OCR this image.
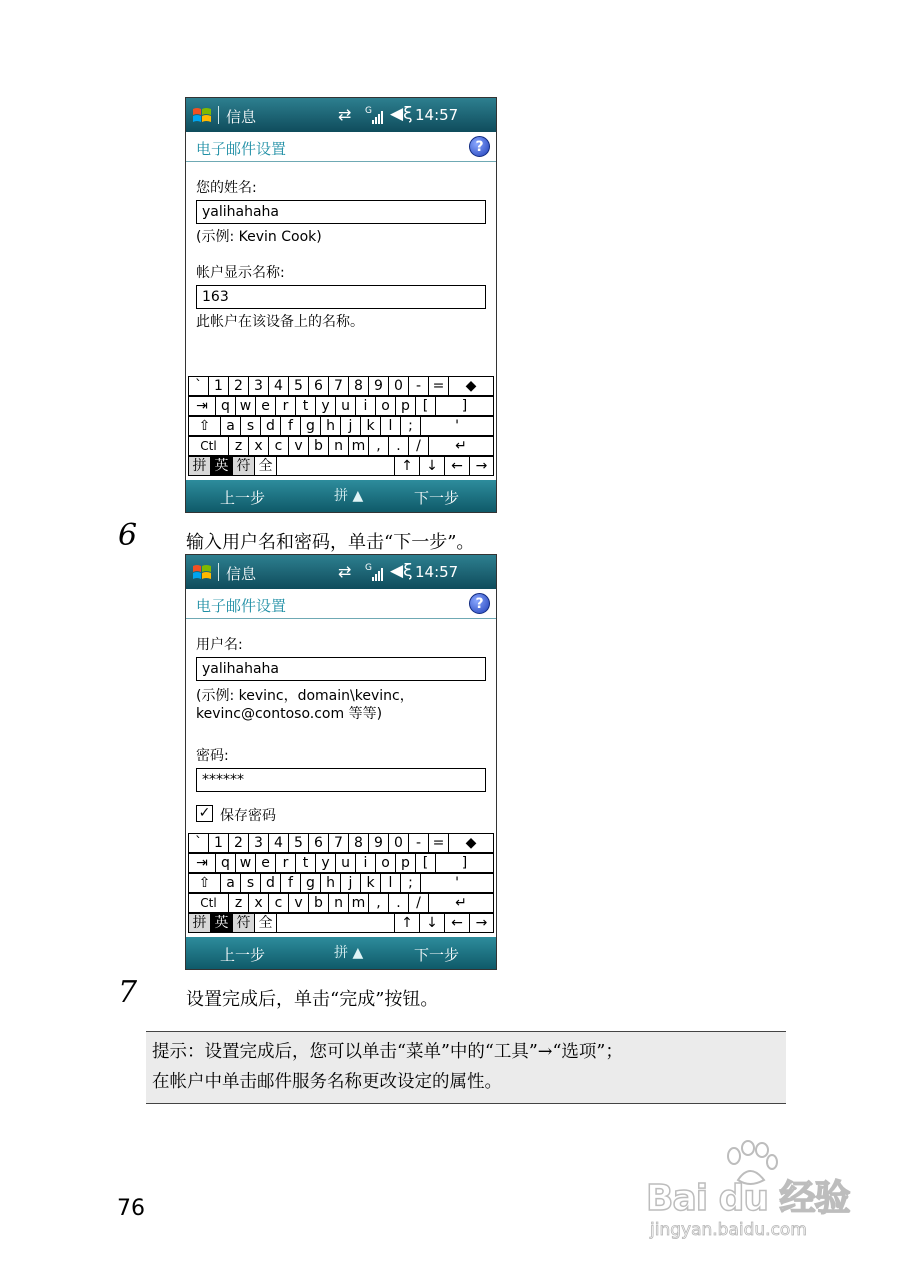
信息	⇄ G ◀ξ 14:57
电子邮件设置	?
您的姓名:
yalihahaha
(示例: Kevin Cook)
帐户显示名称:
163
此帐户在该设备上的名称。
` 1 2 3 4 5 6 7 8 9 0 - =	◆
⇥ q w e r	t y u i o p [	]
⇧	a s d f g h j	k	l	;	'
Ctl	z x c v b n m ,	.	/	↵
拼 英 符 全	↑ ↓ ← →
上一步	拼 ▲	下一步
6	输入用户名和密码，单击“下一步”。
信息	⇄ G ◀ξ 14:57
电子邮件设置	?
用户名:
yalihahaha
(示例: kevinc，domain\kevinc，
kevinc@contoso.com 等等)
密码:
******
✓ 保存密码
` 1 2 3 4 5 6 7 8 9 0 - =	◆
⇥ q w e r	t y u i o p [	]
⇧	a s d f g h j	k	l	;	'
Ctl	z x c v b n m ,	.	/	↵
拼 英 符 全	↑ ↓ ← →
上一步	拼 ▲	下一步
7	设置完成后，单击“完成”按钮。
提示：设置完成后，您可以单击“菜单”中的“工具”→“选项”；
在帐户中单击邮件服务名称更改设定的属性。
76	Bai du 经验
jingyan.baidu.com
